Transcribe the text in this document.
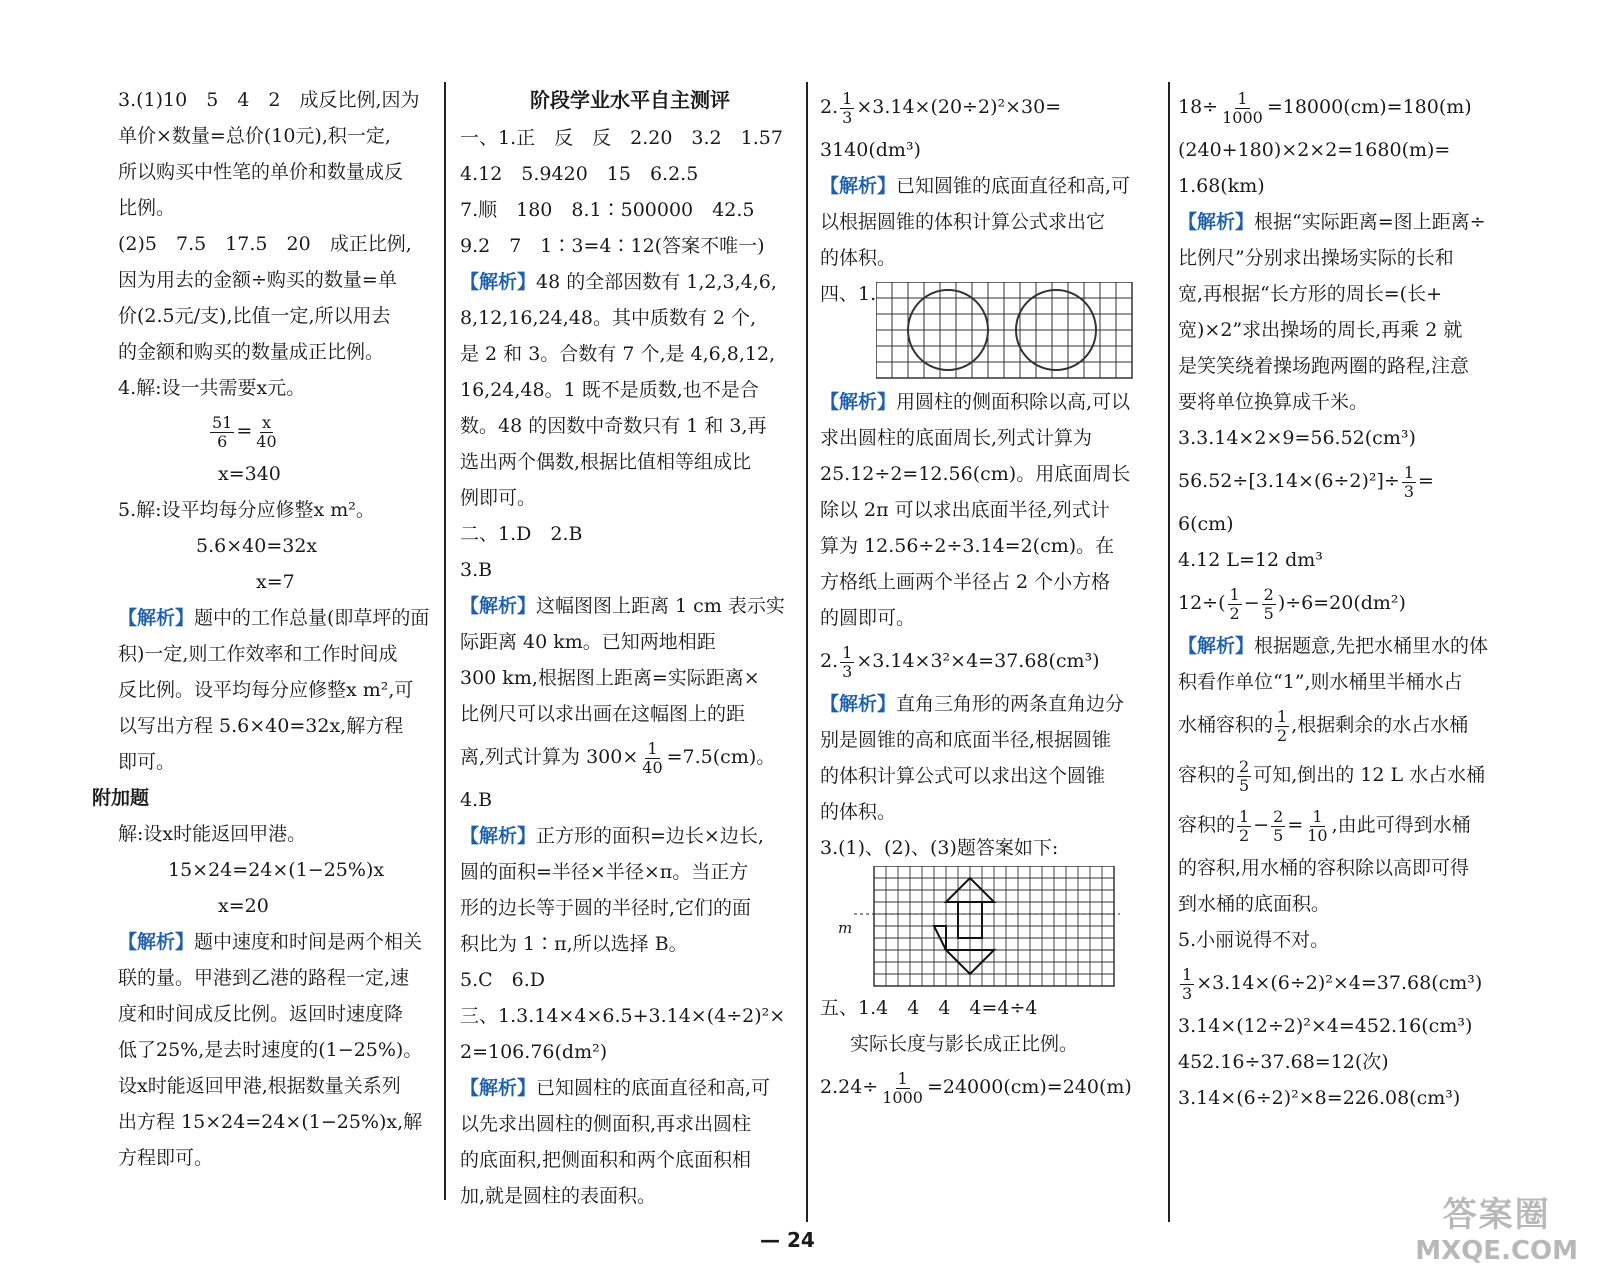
3.(1)10　5　4　2　成反比例,因为

单价×数量=总价(10元),积一定,

所以购买中性笔的单价和数量成反

比例。

(2)5　7.5　17.5　20　成正比例,

因为用去的金额÷购买的数量=单

价(2.5元/支),比值一定,所以用去

的金额和购买的数量成正比例。

4.解:设一共需要x元。

$\frac{51}{6} = \frac{x}{40}$

x=340

5.解:设平均每分应修整x m²。

5.6×40=32x

x=7

【解析】题中的工作总量(即草坪的面

积)一定,则工作效率和工作时间成

反比例。设平均每分应修整x m²,可

以写出方程 5.6×40=32x,解方程

即可。

附加题

解:设x时能返回甲港。

15×24=24×(1−25%)x

x=20

【解析】题中速度和时间是两个相关

联的量。甲港到乙港的路程一定,速

度和时间成反比例。返回时速度降

低了25%,是去时速度的(1−25%)。

设x时能返回甲港,根据数量关系列

出方程 15×24=24×(1−25%)x,解

方程即可。

阶段学业水平自主测评

一、1.正　反　反　2.20　3.2　1.57

4.12　5.9420　15　6.2.5

7.顺　180　8.1∶500000　42.5

9.2　7　1∶3=4∶12(答案不唯一)

【解析】48 的全部因数有 1,2,3,4,6,

8,12,16,24,48。其中质数有 2 个,

是 2 和 3。合数有 7 个,是 4,6,8,12,

16,24,48。1 既不是质数,也不是合

数。48 的因数中奇数只有 1 和 3,再

选出两个偶数,根据比值相等组成比

例即可。

二、1.D　2.B

3.B

【解析】这幅图图上距离 1 cm 表示实

际距离 40 km。已知两地相距

300 km,根据图上距离=实际距离×

比例尺可以求出画在这幅图上的距

离,列式计算为 $300\times \frac{1}{40} =7.5(cm)$。

4.B

【解析】正方形的面积=边长×边长,

圆的面积=半径×半径×π。当正方

形的边长等于圆的半径时,它们的面

积比为 1∶π,所以选择 B。

5.C　6.D

三、1.3.14×4×6.5+3.14×(4÷2)²×

2=106.76(dm²)

【解析】已知圆柱的底面直径和高,可

以先求出圆柱的侧面积,再求出圆柱

的底面积,把侧面积和两个底面积相

加,就是圆柱的表面积。

2. $\frac{1}{3} \times 3.14\times(20\div 2)^2\times 30=$

3140(dm³)

【解析】已知圆锥的底面直径和高,可

以根据圆锥的体积计算公式求出它

的体积。

四、1.

【解析】用圆柱的侧面积除以高,可以

求出圆柱的底面周长,列式计算为

25.12÷2=12.56(cm)。用底面周长

除以 2π 可以求出底面半径,列式计

算为 12.56÷2÷3.14=2(cm)。在

方格纸上画两个半径占 2 个小方格

的圆即可。

2. $\frac{1}{3} \times 3.14\times 3^2\times 4=37.68(cm^3)$

【解析】直角三角形的两条直角边分

别是圆锥的高和底面半径,根据圆锥

的体积计算公式可以求出这个圆锥

的体积。

3.(1)、(2)、(3)题答案如下:

m

五、1.4　4　4　4=4÷4

实际长度与影长成正比例。

$2.24\div \frac{1}{1000} =24000(cm)=240(m)$

$18\div \frac{1}{1000} =18000(cm)=180(m)$

(240+180)×2×2=1680(m)=

1.68(km)

【解析】根据“实际距离=图上距离÷

比例尺”分别求出操场实际的长和

宽,再根据“长方形的周长=(长+

宽)×2”求出操场的周长,再乘 2 就

是笑笑绕着操场跑两圈的路程,注意

要将单位换算成千米。

3.3.14×2×9=56.52(cm³)

$56.52\div[3.14\times(6\div 2)^2]\div \frac{1}{3}$ =

6(cm)

4.12 L=12 dm³

$12\div( \frac{1}{2} - \frac{2}{5} )\div 6=20(dm^2)$

【解析】根据题意,先把水桶里水的体

积看作单位“1”,则水桶里半桶水占

水桶容积的 $\frac{1}{2}$ ,根据剩余的水占水桶

容积的 $\frac{2}{5}$ 可知,倒出的 12 L 水占水桶

容积的 $\frac{1}{2} - \frac{2}{5} = \frac{1}{10}$ ,由此可得到水桶

的容积,用水桶的容积除以高即可得

到水桶的底面积。

5.小丽说得不对。

$\frac{1}{3} \times 3.14\times(6\div 2)^2\times 4=37.68(cm^3)$

3.14×(12÷2)²×4=452.16(cm³)

452.16÷37.68=12(次)

3.14×(6÷2)²×8=226.08(cm³)

— 24
答案圈
MXQE.COM
